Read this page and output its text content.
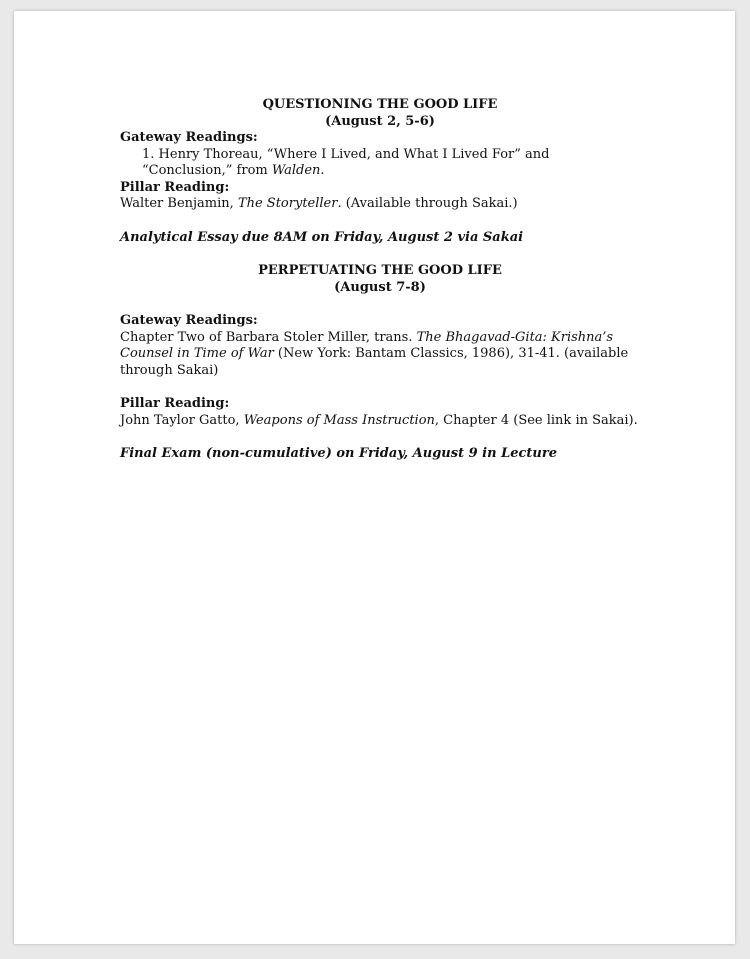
QUESTIONING THE GOOD LIFE

(August 2, 5-6)

Gateway Readings:

1. Henry Thoreau, “Where I Lived, and What I Lived For” and “Conclusion,” from Walden.

Pillar Reading:

Walter Benjamin, The Storyteller. (Available through Sakai.)

Analytical Essay due 8AM on Friday, August 2 via Sakai

PERPETUATING THE GOOD LIFE

(August 7-8)

Gateway Readings:

Chapter Two of Barbara Stoler Miller, trans. The Bhagavad-Gita: Krishna’s Counsel in Time of War (New York: Bantam Classics, 1986), 31-41. (available through Sakai)

Pillar Reading:

John Taylor Gatto, Weapons of Mass Instruction, Chapter 4 (See link in Sakai).

Final Exam (non-cumulative) on Friday, August 9 in Lecture
